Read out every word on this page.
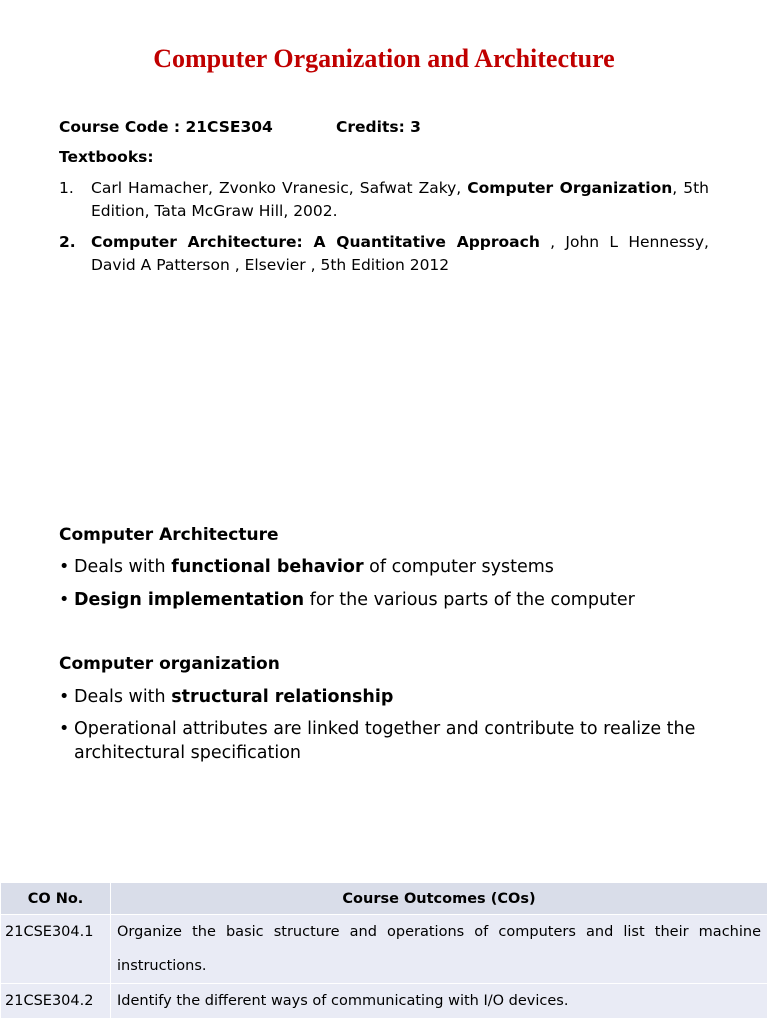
Computer Organization and Architecture
Course Code : 21CSE304	Credits: 3
Textbooks:
1.	Carl Hamacher, Zvonko Vranesic, Safwat Zaky, Computer Organization, 5th Edition, Tata McGraw Hill, 2002.
2. Computer Architecture: A Quantitative Approach , John L Hennessy, David A Patterson , Elsevier , 5th Edition 2012
Computer Architecture
• Deals with functional behavior of computer systems
• Design implementation for the various parts of the computer
Computer organization
• Deals with structural relationship
• Operational attributes are linked together and contribute to realize the architectural specification
CO No.	Course Outcomes (COs)
21CSE304.1	Organize the basic structure and operations of computers and list their machine instructions.
21CSE304.2	Identify the different ways of communicating with I/O devices.
